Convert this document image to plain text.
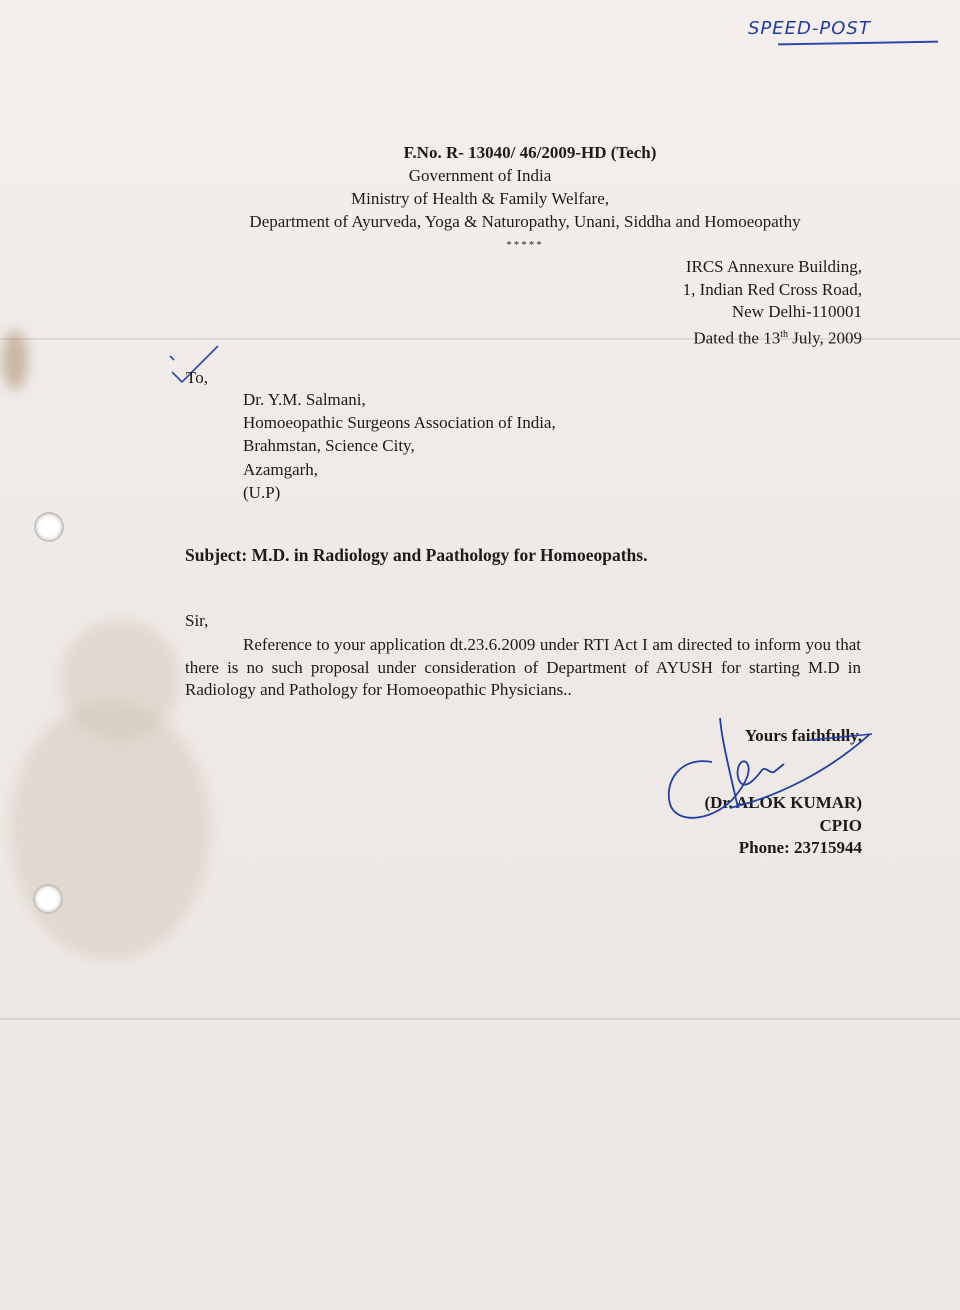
SPEED-POST
F.No. R- 13040/ 46/2009-HD (Tech)
Government of India
Ministry of Health & Family Welfare,
Department of Ayurveda, Yoga & Naturopathy, Unani, Siddha and Homoeopathy
*****
IRCS Annexure Building,
1, Indian Red Cross Road,
New Delhi-110001
Dated the 13th July, 2009
To,
Dr. Y.M. Salmani,
Homoeopathic Surgeons Association of India,
Brahmstan, Science City,
Azamgarh,
(U.P)
Subject: M.D. in Radiology and Paathology for Homoeopaths.
Sir,
Reference to your application dt.23.6.2009 under RTI Act I am directed to inform you that there is no such proposal under consideration of Department of AYUSH for starting M.D in Radiology and Pathology for Homoeopathic Physicians..
Yours faithfully,
(Dr. ALOK KUMAR)
CPIO
Phone: 23715944
